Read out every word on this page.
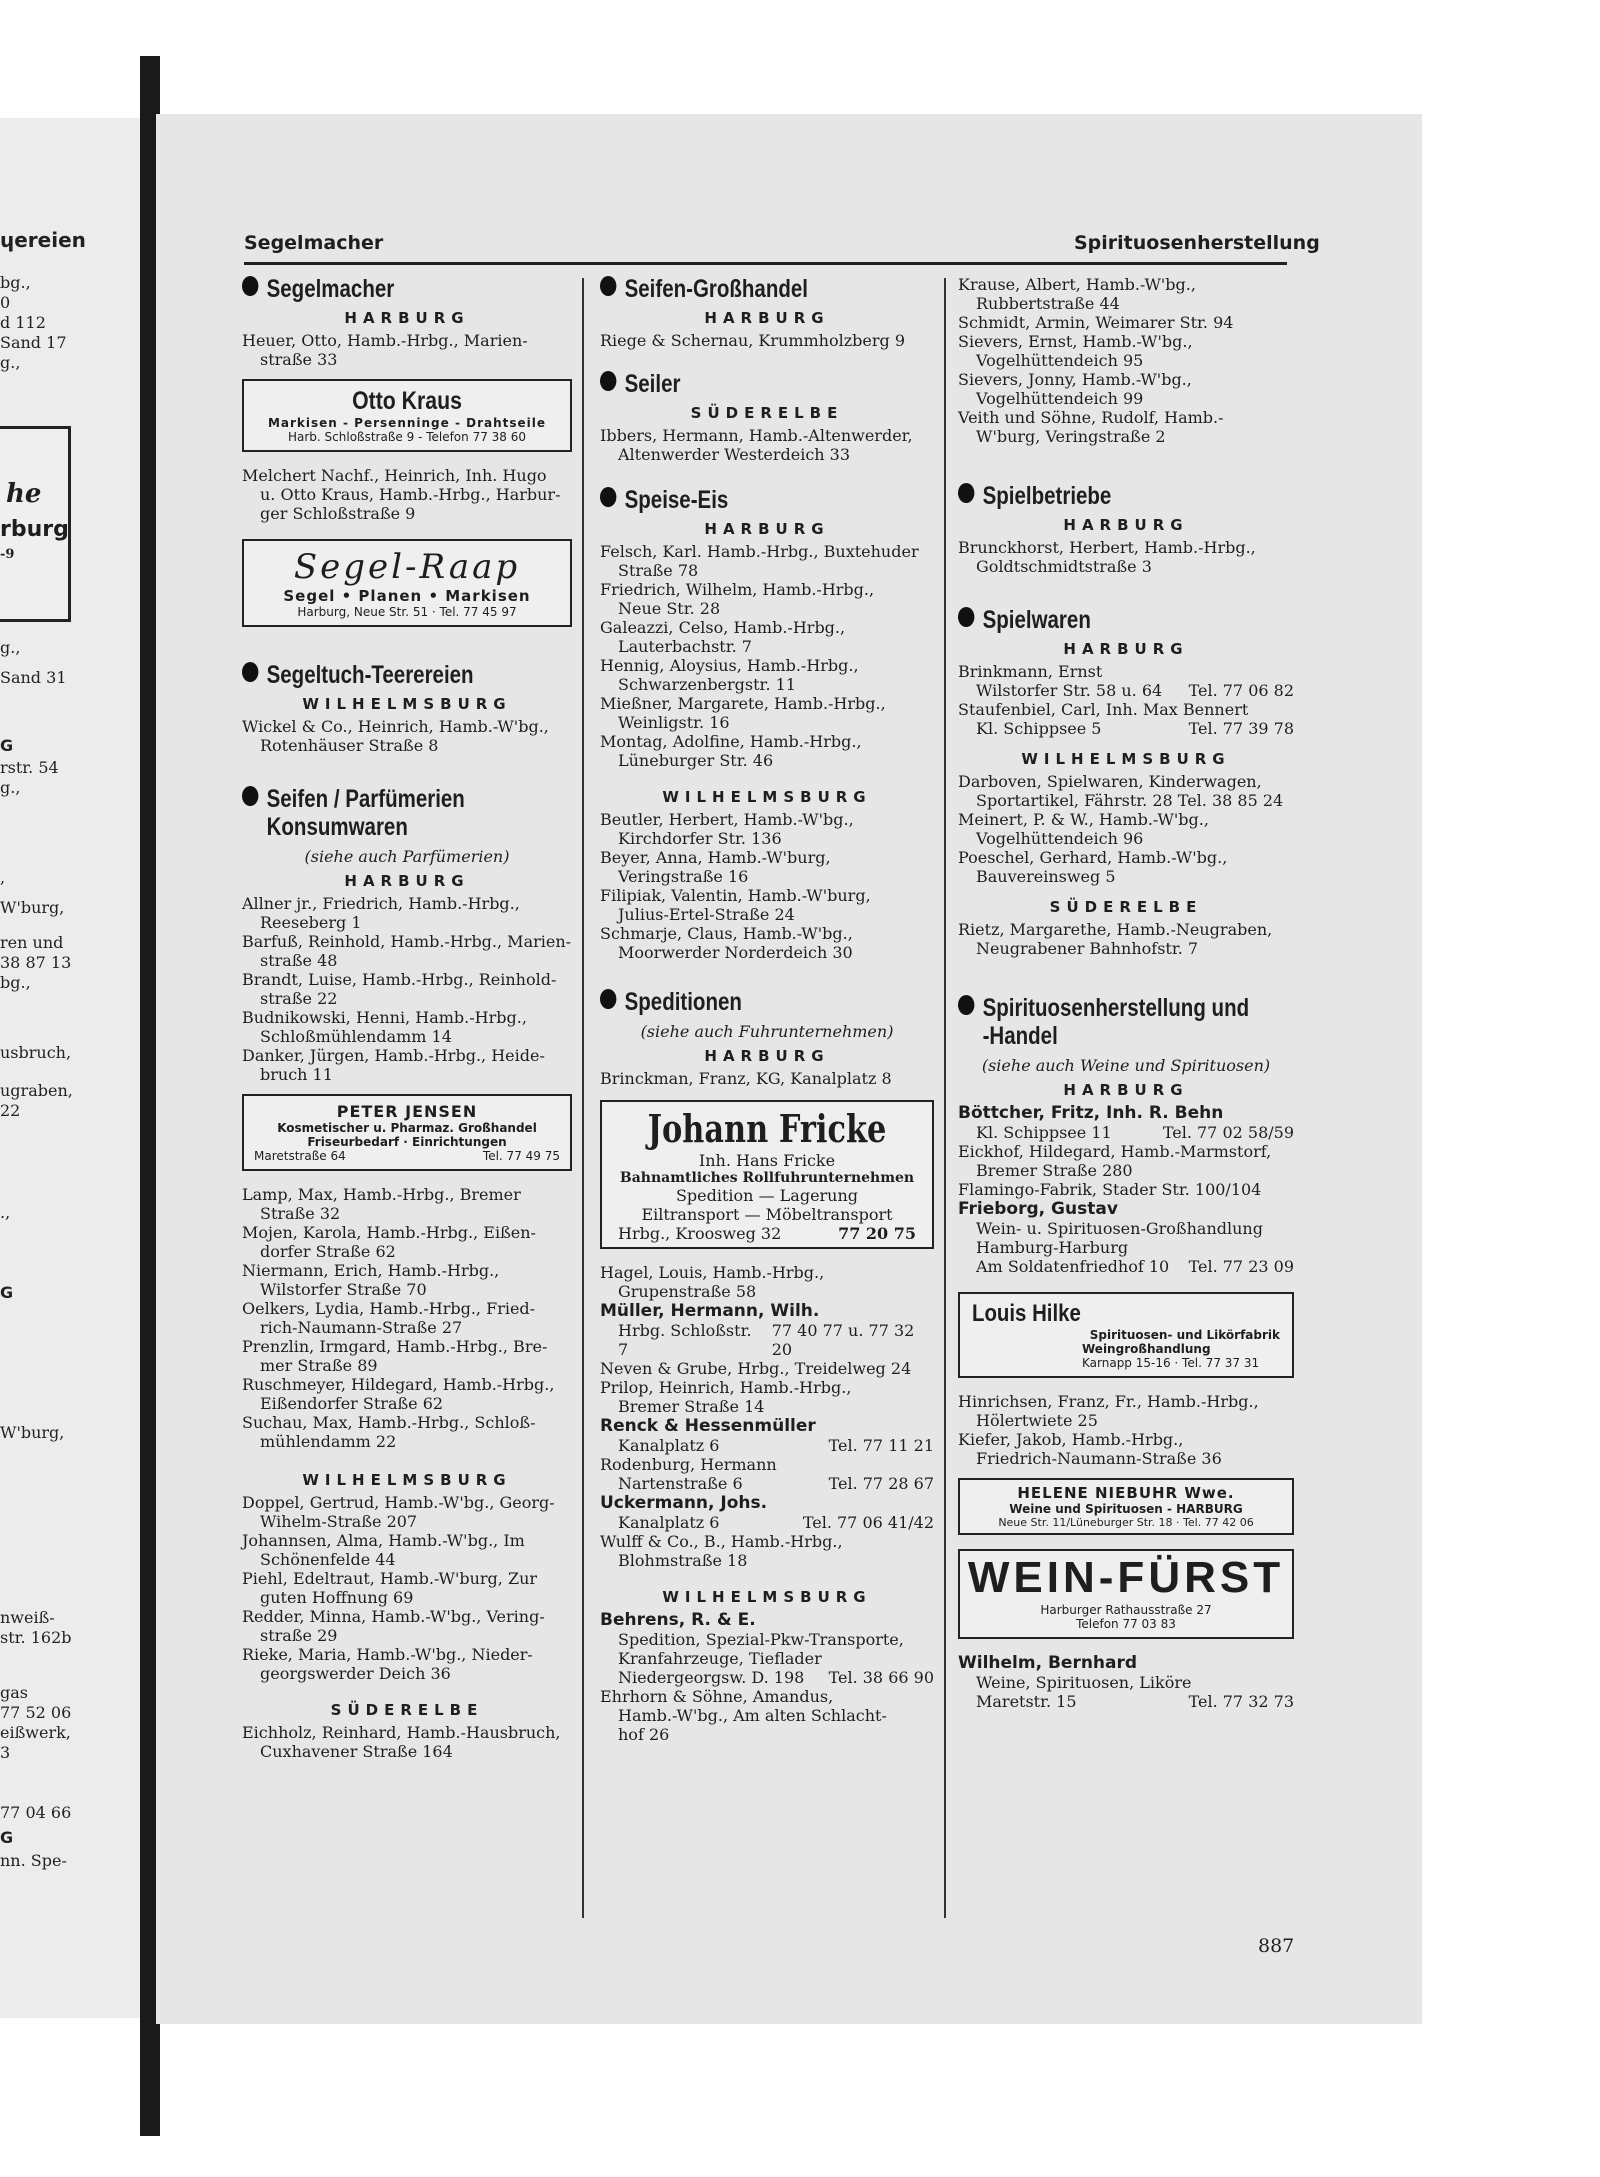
ɥereien
bg.,
0
d 112
Sand 17
g.,
he
rburg
-9
g.,
Sand 31
G
rstr. 54
g.,
,
W'burg,
ren und
38 87 13
bg.,
usbruch,
ugraben,
22
.,
G
W'burg,
nweiß-
str. 162b
gas
77 52 06
eißwerk,
3
77 04 66
G
nn. Spe-
Segelmacher	Spirituosenherstellung
Segelmacher
HARBURG

Heuer, Otto, Hamb.-Hrbg., Marien-
straße 33

Otto Kraus
Markisen - Persenninge - Drahtseile
Harb. Schloßstraße 9 - Telefon 77 38 60

Melchert Nachf., Heinrich, Inh. Hugo
u. Otto Kraus, Hamb.-Hrbg., Harbur-
ger Schloßstraße 9

Segel-Raap
Segel • Planen • Markisen
Harburg, Neue Str. 51 · Tel. 77 45 97
Segeltuch-Teerereien
WILHELMSBURG

Wickel & Co., Heinrich, Hamb.-W'bg.,
Rotenhäuser Straße 8

Seifen / Parfümerien
Konsumwaren
(siehe auch Parfümerien)
HARBURG

Allner jr., Friedrich, Hamb.-Hrbg.,
Reeseberg 1

Barfuß, Reinhold, Hamb.-Hrbg., Marien-
straße 48

Brandt, Luise, Hamb.-Hrbg., Reinhold-
straße 22

Budnikowski, Henni, Hamb.-Hrbg.,
Schloßmühlendamm 14

Danker, Jürgen, Hamb.-Hrbg., Heide-
bruch 11

PETER JENSEN
Kosmetischer u. Pharmaz. Großhandel
Friseurbedarf · Einrichtungen
Maretstraße 64	Tel. 77 49 75

Lamp, Max, Hamb.-Hrbg., Bremer
Straße 32

Mojen, Karola, Hamb.-Hrbg., Eißen-
dorfer Straße 62

Niermann, Erich, Hamb.-Hrbg.,
Wilstorfer Straße 70

Oelkers, Lydia, Hamb.-Hrbg., Fried-
rich-Naumann-Straße 27

Prenzlin, Irmgard, Hamb.-Hrbg., Bre-
mer Straße 89

Ruschmeyer, Hildegard, Hamb.-Hrbg.,
Eißendorfer Straße 62

Suchau, Max, Hamb.-Hrbg., Schloß-
mühlendamm 22

WILHELMSBURG

Doppel, Gertrud, Hamb.-W'bg., Georg-
Wihelm-Straße 207

Johannsen, Alma, Hamb.-W'bg., Im
Schönenfelde 44

Piehl, Edeltraut, Hamb.-W'burg, Zur
guten Hoffnung 69

Redder, Minna, Hamb.-W'bg., Vering-
straße 29

Rieke, Maria, Hamb.-W'bg., Nieder-
georgswerder Deich 36

SÜDERELBE

Eichholz, Reinhard, Hamb.-Hausbruch,
Cuxhavener Straße 164

Seifen-Großhandel
HARBURG

Riege & Schernau, Krummholzberg 9

Seiler
SÜDERELBE

Ibbers, Hermann, Hamb.-Altenwerder,
Altenwerder Westerdeich 33

Speise-Eis
HARBURG

Felsch, Karl. Hamb.-Hrbg., Buxtehuder
Straße 78

Friedrich, Wilhelm, Hamb.-Hrbg.,
Neue Str. 28

Galeazzi, Celso, Hamb.-Hrbg.,
Lauterbachstr. 7

Hennig, Aloysius, Hamb.-Hrbg.,
Schwarzenbergstr. 11

Mießner, Margarete, Hamb.-Hrbg.,
Weinligstr. 16

Montag, Adolfine, Hamb.-Hrbg.,
Lüneburger Str. 46

WILHELMSBURG

Beutler, Herbert, Hamb.-W'bg.,
Kirchdorfer Str. 136

Beyer, Anna, Hamb.-W'burg,
Veringstraße 16

Filipiak, Valentin, Hamb.-W'burg,
Julius-Ertel-Straße 24

Schmarje, Claus, Hamb.-W'bg.,
Moorwerder Norderdeich 30

Speditionen
(siehe auch Fuhrunternehmen)
HARBURG

Brinckman, Franz, KG, Kanalplatz 8

Johann Fricke
Inh. Hans Fricke
Bahnamtliches Rollfuhrunternehmen
Spedition — Lagerung
Eiltransport — Möbeltransport
Hrbg., Kroosweg 32	77 20 75

Hagel, Louis, Hamb.-Hrbg.,
Grupenstraße 58

Müller, Hermann, Wilh.

Hrbg. Schloßstr. 7
77 40 77 u. 77 32 20

Neven & Grube, Hrbg., Treidelweg 24

Prilop, Heinrich, Hamb.-Hrbg.,
Bremer Straße 14

Renck & Hessenmüller

Kanalplatz 6	Tel. 77 11 21

Rodenburg, Hermann

Nartenstraße 6	Tel. 77 28 67

Uckermann, Johs.

Kanalplatz 6	Tel. 77 06 41/42

Wulff & Co., B., Hamb.-Hrbg.,
Blohmstraße 18

WILHELMSBURG

Behrens, R. & E.
Spedition, Spezial-Pkw-Transporte,
Kranfahrzeuge, Tieflader

Niedergeorgsw. D. 198 Tel. 38 66 90

Ehrhorn & Söhne, Amandus,
Hamb.-W'bg., Am alten Schlacht-
hof 26

Krause, Albert, Hamb.-W'bg.,
Rubbertstraße 44

Schmidt, Armin, Weimarer Str. 94

Sievers, Ernst, Hamb.-W'bg.,
Vogelhüttendeich 95

Sievers, Jonny, Hamb.-W'bg.,
Vogelhüttendeich 99

Veith und Söhne, Rudolf, Hamb.-
W'burg, Veringstraße 2

Spielbetriebe
HARBURG

Brunckhorst, Herbert, Hamb.-Hrbg.,
Goldtschmidtstraße 3

Spielwaren
HARBURG

Brinkmann, Ernst

Wilstorfer Str. 58 u. 64 Tel. 77 06 82

Staufenbiel, Carl, Inh. Max Bennert

Kl. Schippsee 5	Tel. 77 39 78
WILHELMSBURG

Darboven, Spielwaren, Kinderwagen,
Sportartikel, Fährstr. 28 Tel. 38 85 24

Meinert, P. & W., Hamb.-W'bg.,
Vogelhüttendeich 96

Poeschel, Gerhard, Hamb.-W'bg.,
Bauvereinsweg 5

SÜDERELBE

Rietz, Margarethe, Hamb.-Neugraben,
Neugrabener Bahnhofstr. 7

Spirituosenherstellung und
-Handel
(siehe auch Weine und Spirituosen)
HARBURG

Böttcher, Fritz, Inh. R. Behn

Kl. Schippsee 11	Tel. 77 02 58/59

Eickhof, Hildegard, Hamb.-Marmstorf,
Bremer Straße 280

Flamingo-Fabrik, Stader Str. 100/104

Frieborg, Gustav
Wein- u. Spirituosen-Großhandlung
Hamburg-Harburg

Am Soldatenfriedhof 10 Tel. 77 23 09
Louis Hilke
Spirituosen- und Likörfabrik
Weingroßhandlung
Karnapp 15-16 · Tel. 77 37 31

Hinrichsen, Franz, Fr., Hamb.-Hrbg.,
Hölertwiete 25

Kiefer, Jakob, Hamb.-Hrbg.,
Friedrich-Naumann-Straße 36

HELENE NIEBUHR Wwe.
Weine und Spirituosen - HARBURG
Neue Str. 11/Lüneburger Str. 18 · Tel. 77 42 06
WEIN-FÜRST
Harburger Rathausstraße 27
Telefon 77 03 83

Wilhelm, Bernhard
Weine, Spirituosen, Liköre

Maretstr. 15	Tel. 77 32 73
887
